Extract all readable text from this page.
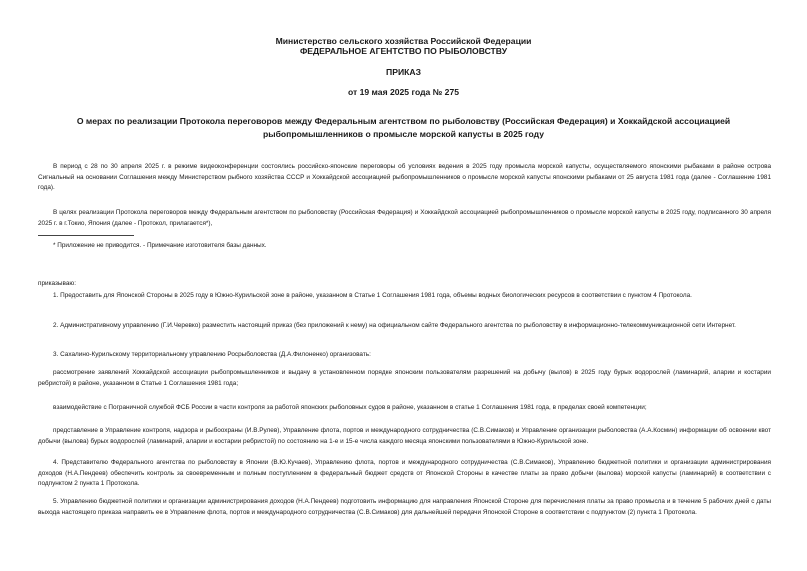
Министерство сельского хозяйства Российской Федерации
ФЕДЕРАЛЬНОЕ АГЕНТСТВО ПО РЫБОЛОВСТВУ
ПРИКАЗ
от 19 мая 2025 года № 275
О мерах по реализации Протокола переговоров между Федеральным агентством по рыболовству (Российская Федерация) и Хоккайдской ассоциацией рыбопромышленников о промысле морской капусты в 2025 году

В период с 28 по 30 апреля 2025 г. в режиме видеоконференции состоялись российско-японские переговоры об условиях ведения в 2025 году промысла морской капусты, осуществляемого японскими рыбаками в районе острова Сигнальный на основании Соглашения между Министерством рыбного хозяйства СССР и Хоккайдской ассоциацией рыбопромышленников о промысле морской капусты японскими рыбаками от 25 августа 1981 года (далее - Соглашение 1981 года).

В целях реализации Протокола переговоров между Федеральным агентством по рыболовству (Российская Федерация) и Хоккайдской ассоциацией рыбопромышленников о промысле морской капусты в 2025 году, подписанного 30 апреля 2025 г. в г.Токио, Япония (далее - Протокол, прилагается*),

* Приложение не приводится. - Примечание изготовителя базы данных.

приказываю:

1. Предоставить для Японской Стороны в 2025 году в Южно-Курильской зоне в районе, указанном в Статье 1 Соглашения 1981 года, объемы водных биологических ресурсов в соответствии с пунктом 4 Протокола.

2. Административному управлению (Г.И.Черевко) разместить настоящий приказ (без приложений к нему) на официальном сайте Федерального агентства по рыболовству в информационно-телекоммуникационной сети Интернет.

3. Сахалино-Курильскому территориальному управлению Росрыболовства (Д.А.Филоненко) организовать:

рассмотрение заявлений Хоккайдской ассоциации рыбопромышленников и выдачу в установленном порядке японским пользователям разрешений на добычу (вылов) в 2025 году бурых водорослей (ламинарий, аларии и костарии ребристой) в районе, указанном в Статье 1 Соглашения 1981 года;

взаимодействие с Пограничной службой ФСБ России в части контроля за работой японских рыболовных судов в районе, указанном в статье 1 Соглашения 1981 года, в пределах своей компетенции;

представление в Управление контроля, надзора и рыбоохраны (И.В.Рулев), Управление флота, портов и международного сотрудничества (С.В.Симаков) и Управление организации рыболовства (А.А.Космин) информации об освоении квот добычи (вылова) бурых водорослей (ламинарий, аларии и костарии ребристой) по состоянию на 1-е и 15-е числа каждого месяца японскими пользователями в Южно-Курильской зоне.

4. Представителю Федерального агентства по рыболовству в Японии (В.Ю.Кучаев), Управлению флота, портов и международного сотрудничества (С.В.Симаков), Управлению бюджетной политики и организации администрирования доходов (Н.А.Пендеев) обеспечить контроль за своевременным и полным поступлением в федеральный бюджет средств от Японской Стороны в качестве платы за право добычи (вылова) морской капусты (ламинарий) в соответствии с подпунктом 2 пункта 1 Протокола.

5. Управлению бюджетной политики и организации администрирования доходов (Н.А.Пендеев) подготовить информацию для направления Японской Стороне для перечисления платы за право промысла и в течение 5 рабочих дней с даты выхода настоящего приказа направить ее в Управление флота, портов и международного сотрудничества (С.В.Симаков) для дальнейшей передачи Японской Стороне в соответствии с подпунктом (2) пункта 1 Протокола.
